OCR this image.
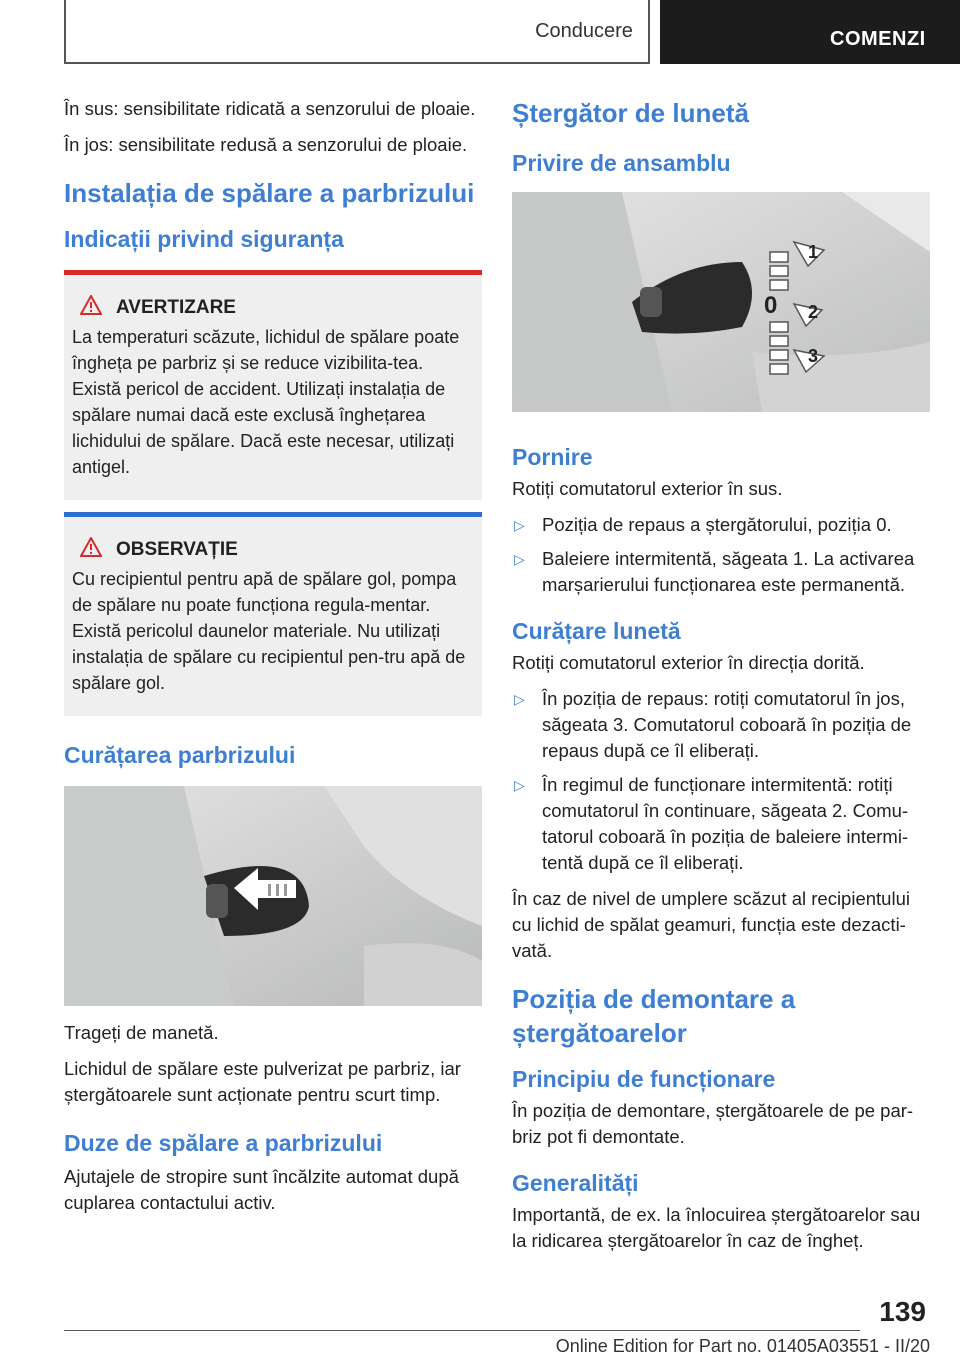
Conducere	COMENZI

În sus: sensibilitate ridicată a senzorului de ploaie.

În jos: sensibilitate redusă a senzorului de ploaie.

Instalația de spălare a parbrizului
Indicații privind siguranța
AVERTIZARE
La temperaturi scăzute, lichidul de spălare poate îngheța pe parbriz și se reduce vizibilita-tea. Există pericol de accident. Utilizați instalația de spălare numai dacă este exclusă înghețarea lichidului de spălare. Dacă este necesar, utilizați antigel.
OBSERVAȚIE
Cu recipientul pentru apă de spălare gol, pompa de spălare nu poate funcționa regula-mentar. Există pericolul daunelor materiale. Nu utilizați instalația de spălare cu recipientul pen-tru apă de spălare gol.
Curățarea parbrizului

Trageți de manetă.

Lichidul de spălare este pulverizat pe parbriz, iar ștergătoarele sunt acționate pentru scurt timp.

Duze de spălare a parbrizului

Ajutajele de stropire sunt încălzite automat după cuplarea contactului activ.

Ștergător de lunetă
Privire de ansamblu
1
0 2
3
Pornire

Rotiți comutatorul exterior în sus.

▷ Poziția de repaus a ștergătorului, poziția 0.
▷ Baleiere intermitentă, săgeata 1. La activarea marșarierului funcționarea este permanentă.
Curățare lunetă

Rotiți comutatorul exterior în direcția dorită.

▷ În poziția de repaus: rotiți comutatorul în jos, săgeata 3. Comutatorul coboară în poziția de repaus după ce îl eliberați.
▷ În regimul de funcționare intermitentă: rotiți comutatorul în continuare, săgeata 2. Comu-tatorul coboară în poziția de baleiere intermi-tentă după ce îl eliberați.

În caz de nivel de umplere scăzut al recipientului cu lichid de spălat geamuri, funcția este dezacti-vată.

Poziția de demontare a ștergătoarelor
Principiu de funcționare

În poziția de demontare, ștergătoarele de pe par-briz pot fi demontate.

Generalități

Importantă, de ex. la înlocuirea ștergătoarelor sau la ridicarea ștergătoarelor în caz de îngheț.

139
Online Edition for Part no. 01405A03551 - II/20
